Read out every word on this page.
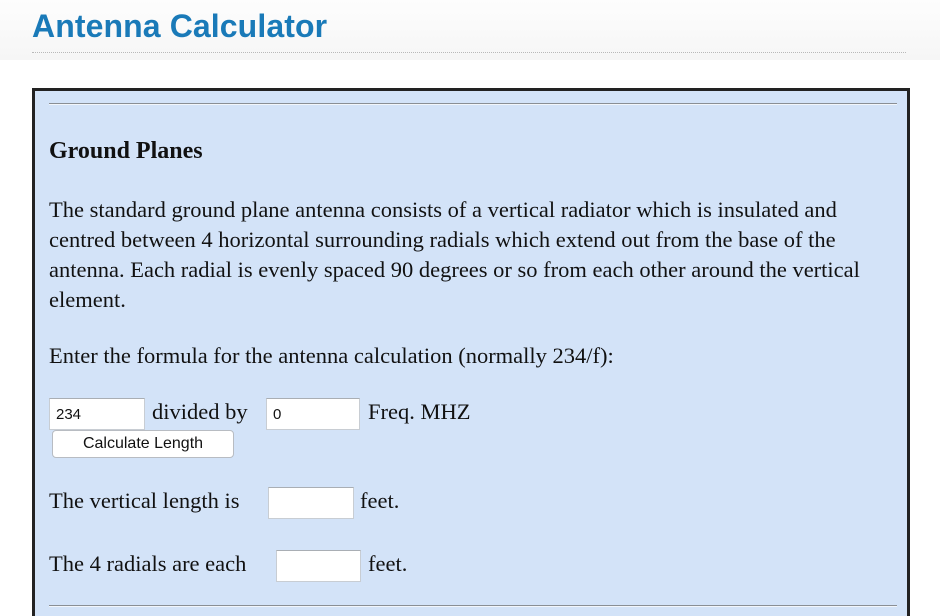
Antenna Calculator
Ground Planes

The standard ground plane antenna consists of a vertical radiator which is insulated and centred between 4 horizontal surrounding radials which extend out from the base of the antenna. Each radial is evenly spaced 90 degrees or so from each other around the vertical element.

Enter the formula for the antenna calculation (normally 234/f):

234
divided by
0	Freq. MHZ
Calculate Length
The vertical length is	feet.
The 4 radials are each	feet.
